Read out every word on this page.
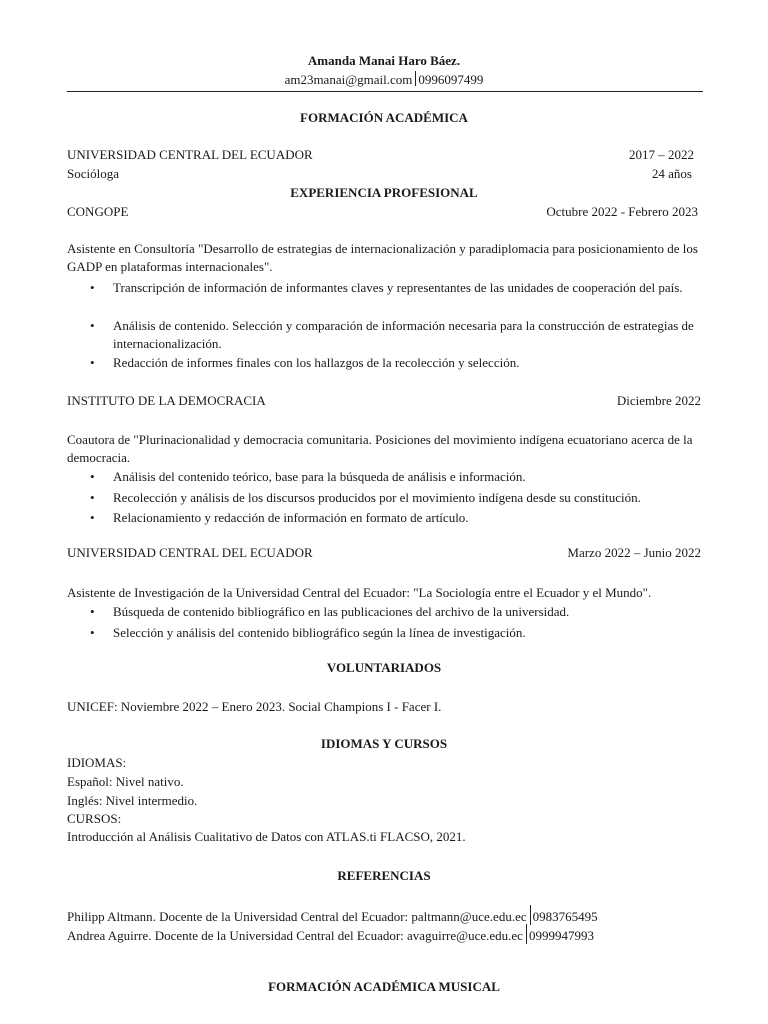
Amanda Manai Haro Báez.
am23manai@gmail.com 0996097499
FORMACIÓN ACADÉMICA
UNIVERSIDAD CENTRAL DEL ECUADOR	2017 – 2022
Socióloga	24 años
EXPERIENCIA PROFESIONAL
CONGOPE	Octubre 2022 - Febrero 2023
Asistente en Consultoría "Desarrollo de estrategias de internacionalización y paradiplomacia para posicionamiento de los GADP en plataformas internacionales".
• Transcripción de información de informantes claves y representantes de las unidades de cooperación del país.
• Análisis de contenido. Selección y comparación de información necesaria para la construcción de estrategias de internacionalización.
• Redacción de informes finales con los hallazgos de la recolección y selección.
INSTITUTO DE LA DEMOCRACIA	Diciembre 2022
Coautora de "Plurinacionalidad y democracia comunitaria. Posiciones del movimiento indígena ecuatoriano acerca de la democracia.
• Análisis del contenido teórico, base para la búsqueda de análisis e información.
• Recolección y análisis de los discursos producidos por el movimiento indígena desde su constitución.
• Relacionamiento y redacción de información en formato de artículo.
UNIVERSIDAD CENTRAL DEL ECUADOR	Marzo 2022 – Junio 2022
Asistente de Investigación de la Universidad Central del Ecuador: "La Sociología entre el Ecuador y el Mundo".
• Búsqueda de contenido bibliográfico en las publicaciones del archivo de la universidad.
• Selección y análisis del contenido bibliográfico según la línea de investigación.
VOLUNTARIADOS
UNICEF: Noviembre 2022 – Enero 2023. Social Champions I - Facer I.
IDIOMAS Y CURSOS
IDIOMAS:
Español: Nivel nativo.
Inglés: Nivel intermedio.
CURSOS:
Introducción al Análisis Cualitativo de Datos con ATLAS.ti FLACSO, 2021.
REFERENCIAS
Philipp Altmann. Docente de la Universidad Central del Ecuador: paltmann@uce.edu.ec 0983765495
Andrea Aguirre. Docente de la Universidad Central del Ecuador: avaguirre@uce.edu.ec 0999947993
FORMACIÓN ACADÉMICA MUSICAL
